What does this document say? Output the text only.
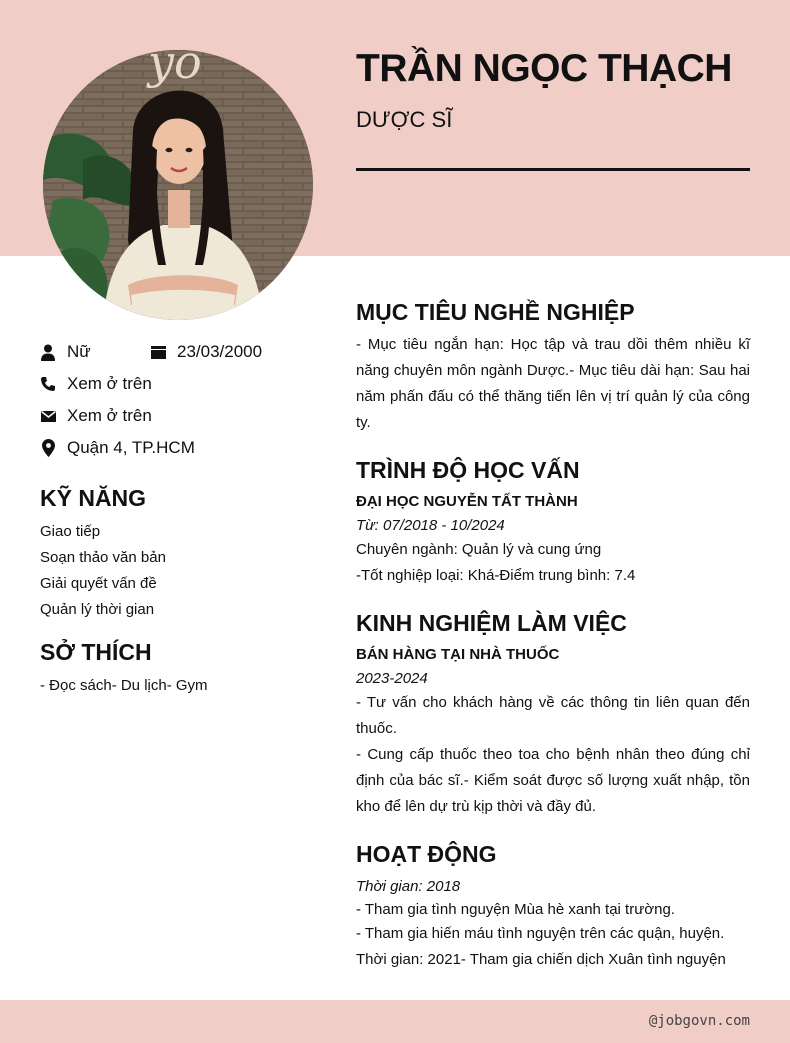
yo	TRẦN NGỌC THẠCH
DƯỢC SĨ
Nữ	23/03/2000
Xem ở trên
Xem ở trên
Quận 4, TP.HCM
KỸ NĂNG
Giao tiếp
Soạn thảo văn bản
Giải quyết vấn đề
Quản lý thời gian
SỞ THÍCH
- Đọc sách- Du lịch- Gym
MỤC TIÊU NGHỀ NGHIỆP

- Mục tiêu ngắn hạn: Học tập và trau dồi thêm nhiều kĩ năng chuyên môn ngành Dược.- Mục tiêu dài hạn: Sau hai năm phấn đấu có thể thăng tiến lên vị trí quản lý của công ty.

TRÌNH ĐỘ HỌC VẤN
ĐẠI HỌC NGUYỄN TẤT THÀNH
Từ: 07/2018 - 10/2024
Chuyên ngành: Quản lý và cung ứng
-Tốt nghiệp loại: Khá-Điểm trung bình: 7.4
KINH NGHIỆM LÀM VIỆC
BÁN HÀNG TẠI NHÀ THUỐC
2023-2024

- Tư vấn cho khách hàng về các thông tin liên quan đến thuốc.

- Cung cấp thuốc theo toa cho bệnh nhân theo đúng chỉ định của bác sĩ.- Kiểm soát được số lượng xuất nhập, tồn kho để lên dự trù kịp thời và đầy đủ.

HOẠT ĐỘNG
Thời gian: 2018
- Tham gia tình nguyện Mùa hè xanh tại trường.
- Tham gia hiến máu tình nguyện trên các quận, huyện.
Thời gian: 2021- Tham gia chiến dịch Xuân tình nguyện
@jobgovn.com
